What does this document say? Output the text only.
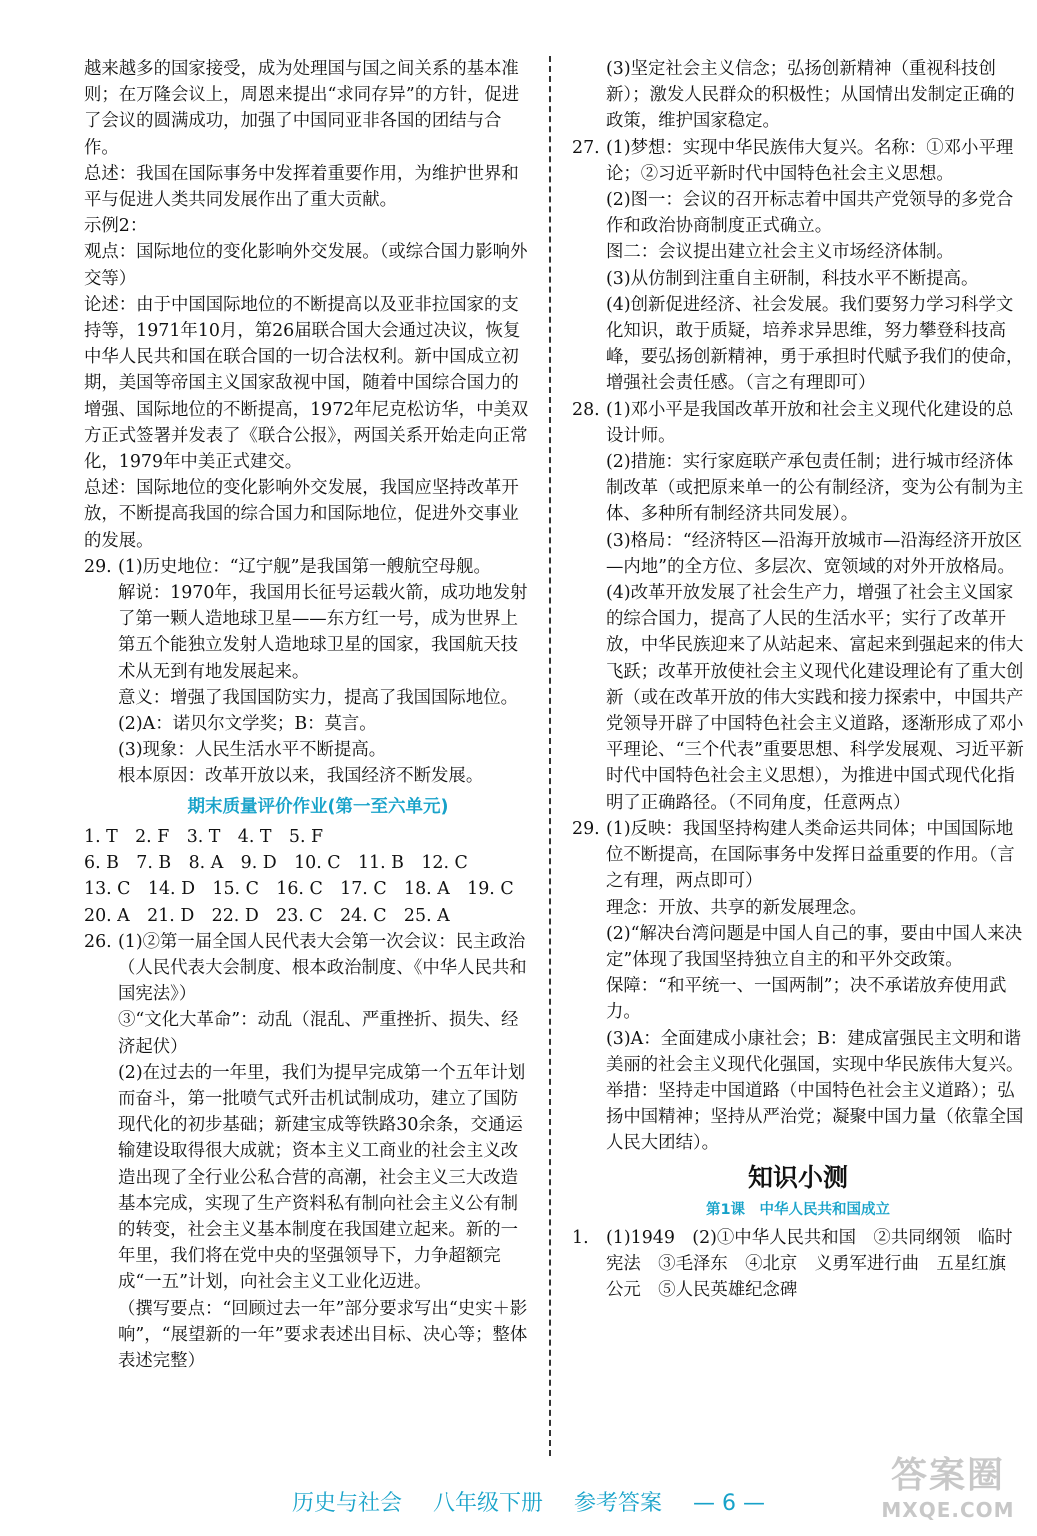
越来越多的国家接受，成为处理国与国之间关系的基本准则；在万隆会议上，周恩来提出“求同存异”的方针，促进了会议的圆满成功，加强了中国同亚非各国的团结与合作。

总述：我国在国际事务中发挥着重要作用，为维护世界和平与促进人类共同发展作出了重大贡献。

示例2：

观点：国际地位的变化影响外交发展。（或综合国力影响外交等）

论述：由于中国国际地位的不断提高以及亚非拉国家的支持等，1971年10月，第26届联合国大会通过决议，恢复中华人民共和国在联合国的一切合法权利。新中国成立初期，美国等帝国主义国家敌视中国，随着中国综合国力的增强、国际地位的不断提高，1972年尼克松访华，中美双方正式签署并发表了《联合公报》，两国关系开始走向正常化，1979年中美正式建交。

总述：国际地位的变化影响外交发展，我国应坚持改革开放，不断提高我国的综合国力和国际地位，促进外交事业的发展。

29. (1)历史地位：“辽宁舰”是我国第一艘航空母舰。

解说：1970年，我国用长征号运载火箭，成功地发射了第一颗人造地球卫星——东方红一号，成为世界上第五个能独立发射人造地球卫星的国家，我国航天技术从无到有地发展起来。

意义：增强了我国国防实力，提高了我国国际地位。

(2)A：诺贝尔文学奖；B：莫言。

(3)现象：人民生活水平不断提高。

根本原因：改革开放以来，我国经济不断发展。

期末质量评价作业(第一至六单元)

1. T　2. F　3. T　4. T　5. F

6. B　7. B　8. A　9. D　10. C　11. B　12. C

13. C　14. D　15. C　16. C　17. C　18. A　19. C

20. A　21. D　22. D　23. C　24. C　25. A

26. (1)②第一届全国人民代表大会第一次会议：民主政治（人民代表大会制度、根本政治制度、《中华人民共和国宪法》）

③“文化大革命”：动乱（混乱、严重挫折、损失、经济起伏）

(2)在过去的一年里，我们为提早完成第一个五年计划而奋斗，第一批喷气式歼击机试制成功，建立了国防现代化的初步基础；新建宝成等铁路30余条，交通运输建设取得很大成就；资本主义工商业的社会主义改造出现了全行业公私合营的高潮，社会主义三大改造基本完成，实现了生产资料私有制向社会主义公有制的转变，社会主义基本制度在我国建立起来。新的一年里，我们将在党中央的坚强领导下，力争超额完成“一五”计划，向社会主义工业化迈进。

（撰写要点：“回顾过去一年”部分要求写出“史实＋影响”，“展望新的一年”要求表述出目标、决心等；整体表述完整）

(3)坚定社会主义信念；弘扬创新精神（重视科技创新）；激发人民群众的积极性；从国情出发制定正确的政策，维护国家稳定。

27. (1)梦想：实现中华民族伟大复兴。名称：①邓小平理论；②习近平新时代中国特色社会主义思想。

(2)图一：会议的召开标志着中国共产党领导的多党合作和政治协商制度正式确立。

图二：会议提出建立社会主义市场经济体制。

(3)从仿制到注重自主研制，科技水平不断提高。

(4)创新促进经济、社会发展。我们要努力学习科学文化知识，敢于质疑，培养求异思维，努力攀登科技高峰，要弘扬创新精神，勇于承担时代赋予我们的使命，增强社会责任感。（言之有理即可）

28. (1)邓小平是我国改革开放和社会主义现代化建设的总设计师。

(2)措施：实行家庭联产承包责任制；进行城市经济体制改革（或把原来单一的公有制经济，变为公有制为主体、多种所有制经济共同发展）。

(3)格局：“经济特区—沿海开放城市—沿海经济开放区—内地”的全方位、多层次、宽领域的对外开放格局。

(4)改革开放发展了社会生产力，增强了社会主义国家的综合国力，提高了人民的生活水平；实行了改革开放，中华民族迎来了从站起来、富起来到强起来的伟大飞跃；改革开放使社会主义现代化建设理论有了重大创新（或在改革开放的伟大实践和接力探索中，中国共产党领导开辟了中国特色社会主义道路，逐渐形成了邓小平理论、“三个代表”重要思想、科学发展观、习近平新时代中国特色社会主义思想），为推进中国式现代化指明了正确路径。（不同角度，任意两点）

29. (1)反映：我国坚持构建人类命运共同体；中国国际地位不断提高，在国际事务中发挥日益重要的作用。（言之有理，两点即可）

理念：开放、共享的新发展理念。

(2)“解决台湾问题是中国人自己的事，要由中国人来决定”体现了我国坚持独立自主的和平外交政策。

保障：“和平统一、一国两制”；决不承诺放弃使用武力。

(3)A：全面建成小康社会；B：建成富强民主文明和谐美丽的社会主义现代化强国，实现中华民族伟大复兴。

举措：坚持走中国道路（中国特色社会主义道路）；弘扬中国精神；坚持从严治党；凝聚中国力量（依靠全国人民大团结）。

知识小测
第1课　中华人民共和国成立
1. (1)1949　(2)①中华人民共和国　②共同纲领　临时宪法　③毛泽东　④北京　义勇军进行曲　五星红旗　公元　⑤人民英雄纪念碑

历史与社会 八年级下册 参考答案 — 6 —
答案圈
MXQE.COM
